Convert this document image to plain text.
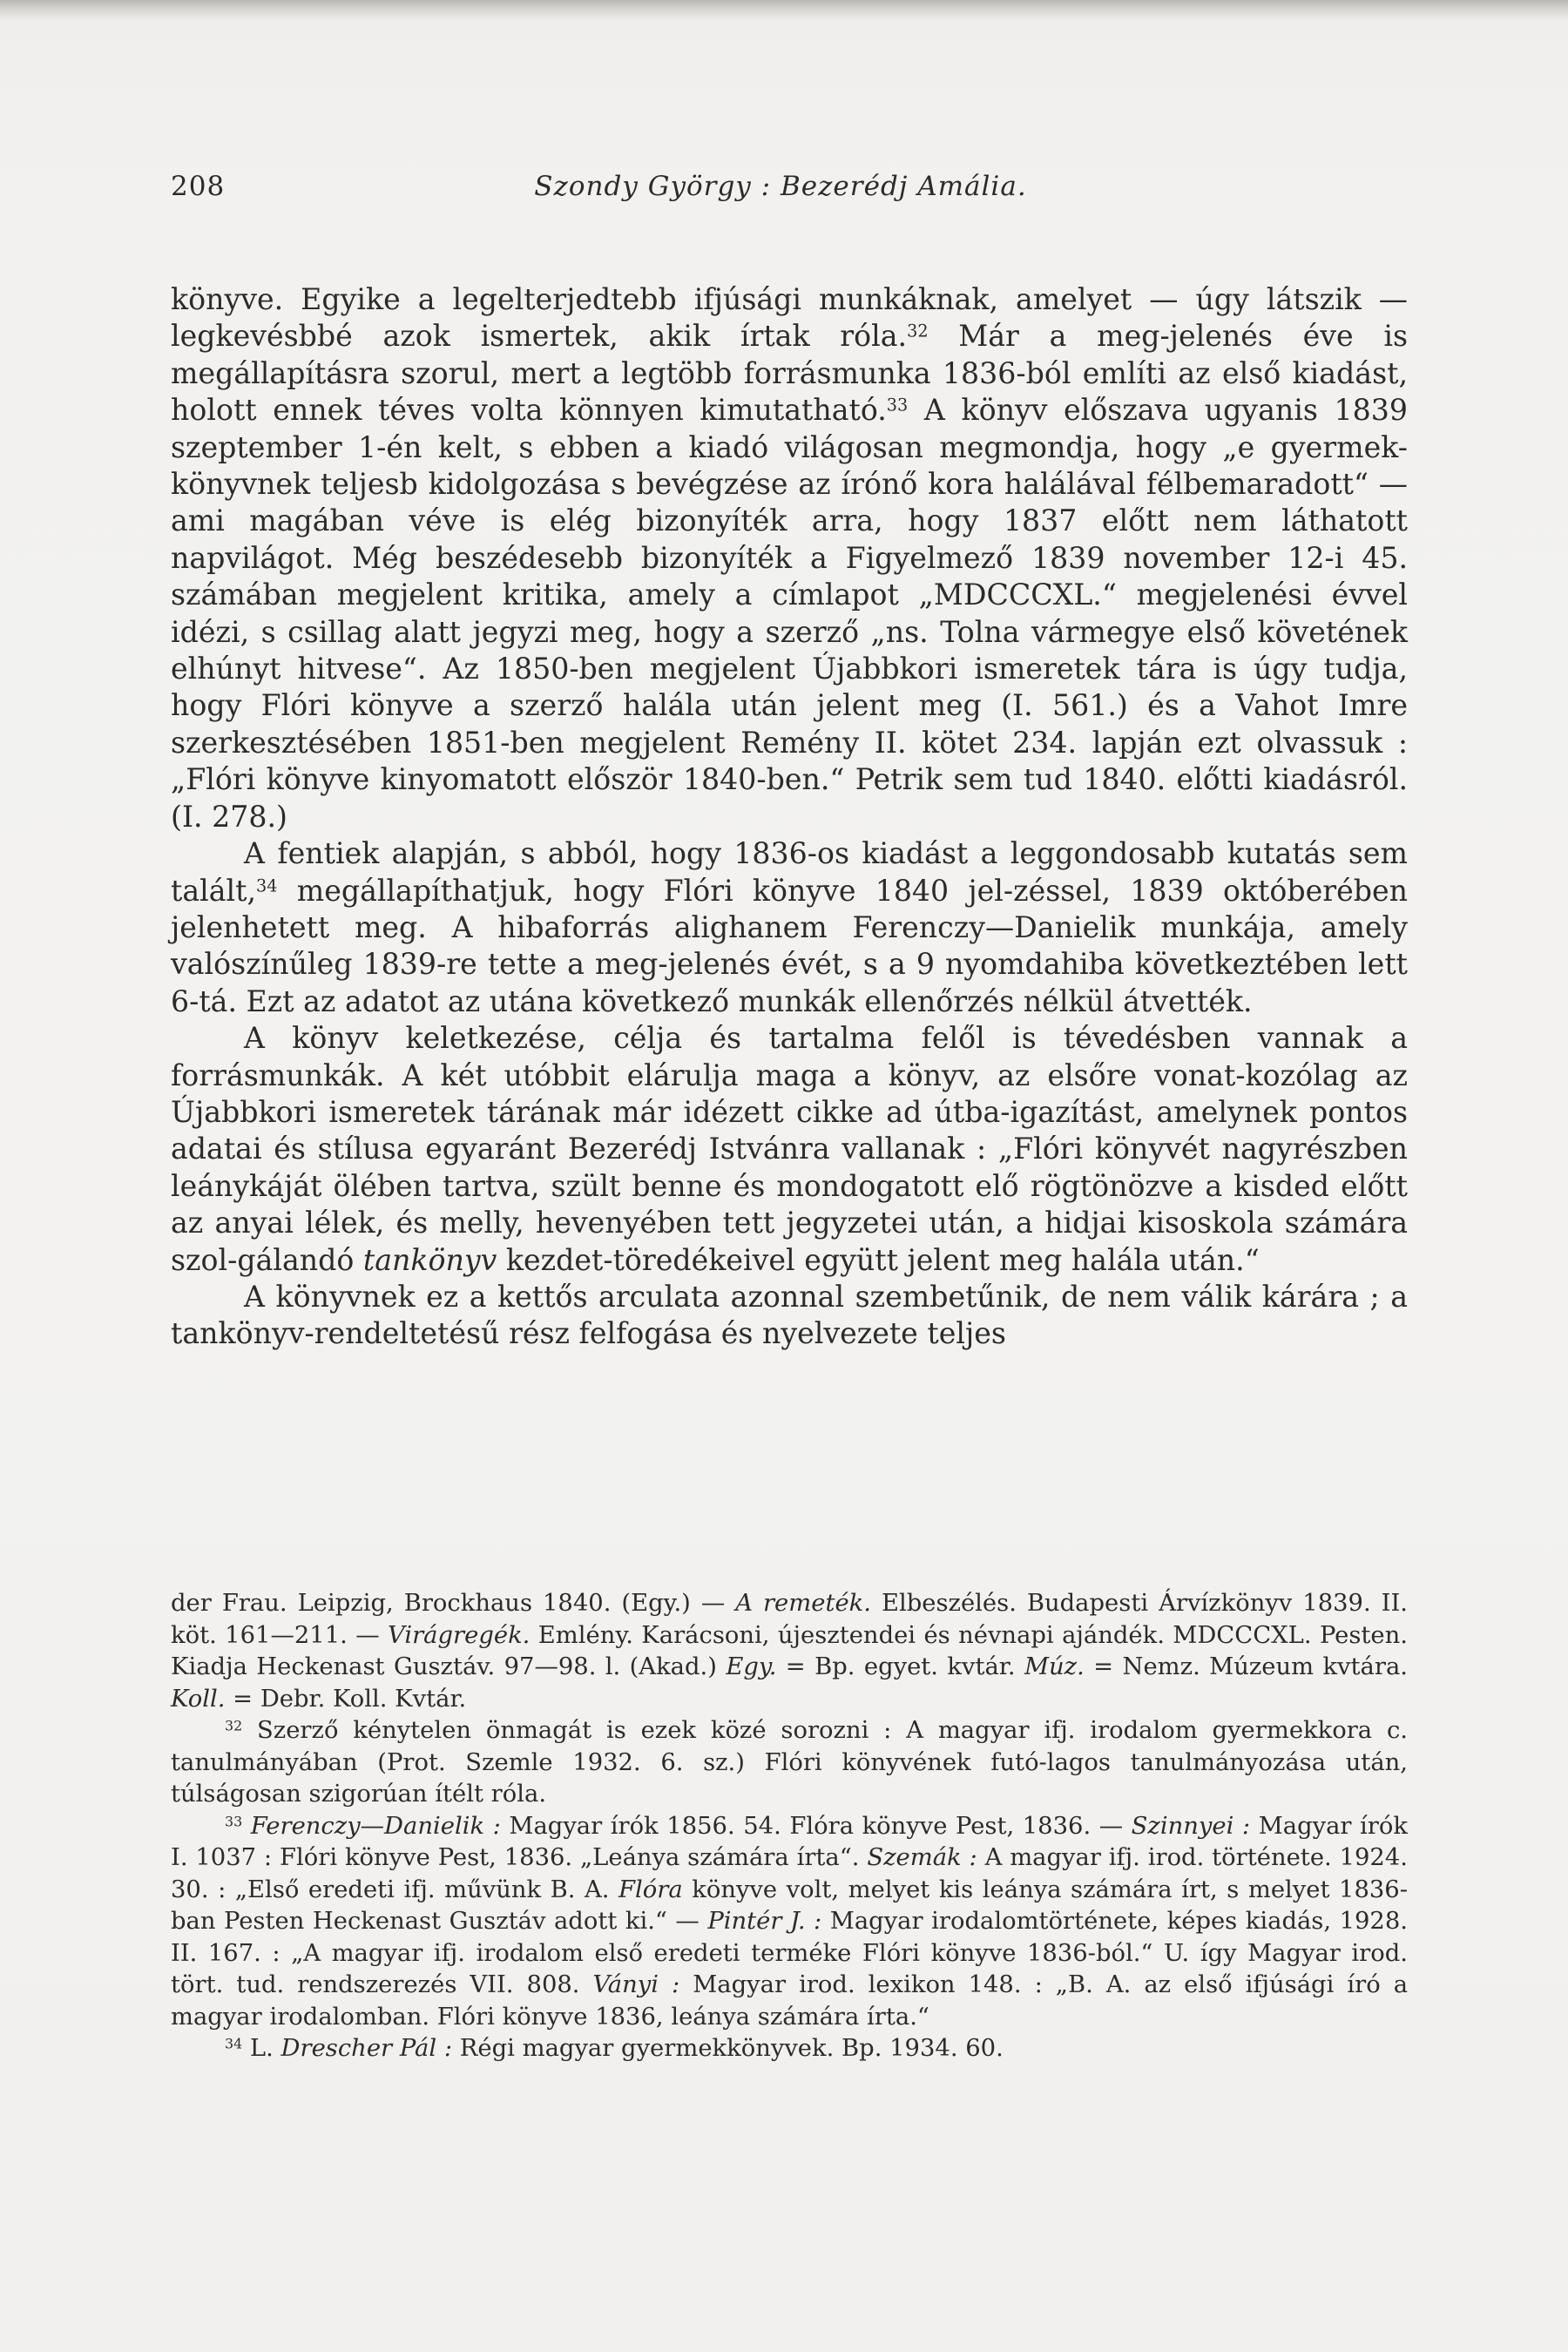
208	Szondy György : Bezerédj Amália.

könyve. Egyike a legelterjedtebb ifjúsági munkáknak, amelyet — úgy látszik — legkevésbbé azok ismertek, akik írtak róla.$^{32}$ Már a meg-jelenés éve is megállapításra szorul, mert a legtöbb forrásmunka 1836-ból említi az első kiadást, holott ennek téves volta könnyen kimutatható.$^{33}$ A könyv előszava ugyanis 1839 szeptember 1-én kelt, s ebben a kiadó világosan megmondja, hogy „e gyermek-könyvnek teljesb kidolgozása s bevégzése az írónő kora halálával félbemaradott“ — ami magában véve is elég bizonyíték arra, hogy 1837 előtt nem láthatott napvilágot. Még beszédesebb bizonyíték a Figyelmező 1839 november 12-i 45. számában megjelent kritika, amely a címlapot „MDCCCXL.“ megjelenési évvel idézi, s csillag alatt jegyzi meg, hogy a szerző „ns. Tolna vármegye első követének elhúnyt hitvese“. Az 1850-ben megjelent Újabbkori ismeretek tára is úgy tudja, hogy Flóri könyve a szerző halála után jelent meg (I. 561.) és a Vahot Imre szerkesztésében 1851-ben megjelent Remény II. kötet 234. lapján ezt olvassuk : „Flóri könyve kinyomatott először 1840-ben.“ Petrik sem tud 1840. előtti kiadásról. (I. 278.)

A fentiek alapján, s abból, hogy 1836-os kiadást a leggondosabb kutatás sem talált,$^{34}$ megállapíthatjuk, hogy Flóri könyve 1840 jel-zéssel, 1839 októberében jelenhetett meg. A hibaforrás alighanem Ferenczy—Danielik munkája, amely valószínűleg 1839-re tette a meg-jelenés évét, s a 9 nyomdahiba következtében lett 6-tá. Ezt az adatot az utána következő munkák ellenőrzés nélkül átvették.

A könyv keletkezése, célja és tartalma felől is tévedésben vannak a forrásmunkák. A két utóbbit elárulja maga a könyv, az elsőre vonat-kozólag az Újabbkori ismeretek tárának már idézett cikke ad útba-igazítást, amelynek pontos adatai és stílusa egyaránt Bezerédj Istvánra vallanak : „Flóri könyvét nagyrészben leánykáját ölében tartva, szült benne és mondogatott elő rögtönözve a kisded előtt az anyai lélek, és melly, hevenyében tett jegyzetei után, a hidjai kisoskola számára szol-gálandó tankönyv kezdet-töredékeivel együtt jelent meg halála után.“

A könyvnek ez a kettős arculata azonnal szembetűnik, de nem válik kárára ; a tankönyv-rendeltetésű rész felfogása és nyelvezete teljes

der Frau. Leipzig, Brockhaus 1840. (Egy.) — A remeték. Elbeszélés. Budapesti Árvízkönyv 1839. II. köt. 161—211. — Virágregék. Emlény. Karácsoni, újesztendei és névnapi ajándék. MDCCCXL. Pesten. Kiadja Heckenast Gusztáv. 97—98. l. (Akad.) Egy. = Bp. egyet. kvtár. Múz. = Nemz. Múzeum kvtára. Koll. = Debr. Koll. Kvtár.

$^{32}$ Szerző kénytelen önmagát is ezek közé sorozni : A magyar ifj. irodalom gyermekkora c. tanulmányában (Prot. Szemle 1932. 6. sz.) Flóri könyvének futó-lagos tanulmányozása után, túlságosan szigorúan ítélt róla.

$^{33}$ Ferenczy—Danielik : Magyar írók 1856. 54. Flóra könyve Pest, 1836. — Szinnyei : Magyar írók I. 1037 : Flóri könyve Pest, 1836. „Leánya számára írta“. Szemák : A magyar ifj. irod. története. 1924. 30. : „Első eredeti ifj. művünk B. A. Flóra könyve volt, melyet kis leánya számára írt, s melyet 1836-ban Pesten Heckenast Gusztáv adott ki.“ — Pintér J. : Magyar irodalomtörténete, képes kiadás, 1928. II. 167. : „A magyar ifj. irodalom első eredeti terméke Flóri könyve 1836-ból.“ U. így Magyar irod. tört. tud. rendszerezés VII. 808. Ványi : Magyar irod. lexikon 148. : „B. A. az első ifjúsági író a magyar irodalomban. Flóri könyve 1836, leánya számára írta.“

$^{34}$ L. Drescher Pál : Régi magyar gyermekkönyvek. Bp. 1934. 60.
